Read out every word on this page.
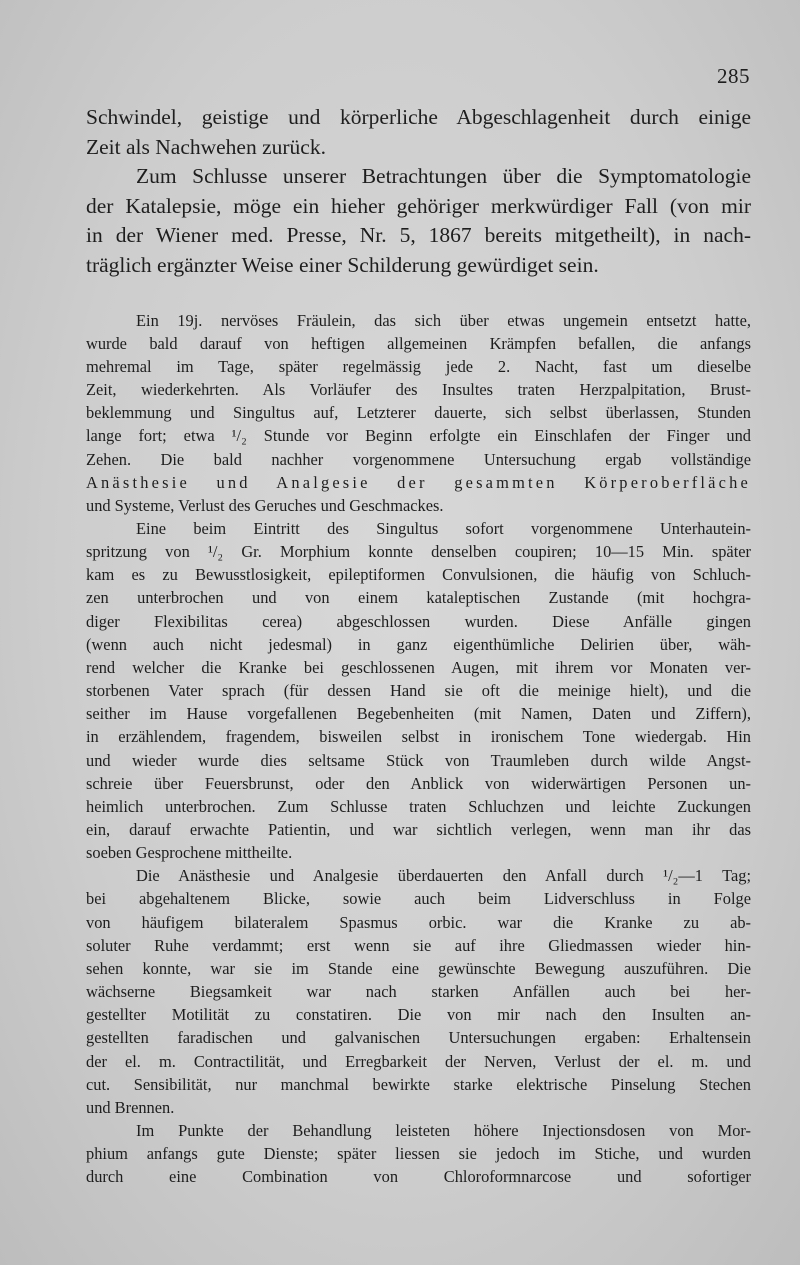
285

Schwindel, geistige und körperliche Abgeschlagenheit durch einige
Zeit als Nachwehen zurück.

Zum Schlusse unserer Betrachtungen über die Symptomatologie

der Katalepsie, möge ein hieher gehöriger merkwürdiger Fall (von mir
in der Wiener med. Presse, Nr. 5, 1867 bereits mitgetheilt), in nach-
träglich ergänzter Weise einer Schilderung gewürdiget sein.

Ein 19j. nervöses Fräulein, das sich über etwas ungemein entsetzt hatte,
wurde bald darauf von heftigen allgemeinen Krämpfen befallen, die anfangs
mehremal im Tage, später regelmässig jede 2. Nacht, fast um dieselbe
Zeit, wiederkehrten. Als Vorläufer des Insultes traten Herzpalpitation, Brust-
beklemmung und Singultus auf, Letzterer dauerte, sich selbst überlassen, Stunden
lange fort; etwa ¹/₂ Stunde vor Beginn erfolgte ein Einschlafen der Finger und
Zehen. Die bald nachher vorgenommene Untersuchung ergab vollständige
Anästhesie und Analgesie der gesammten Körperoberfläche
und Systeme, Verlust des Geruches und Geschmackes.

Eine beim Eintritt des Singultus sofort vorgenommene Unterhautein-
spritzung von ¹/₂ Gr. Morphium konnte denselben coupiren; 10—15 Min. später
kam es zu Bewusstlosigkeit, epileptiformen Convulsionen, die häufig von Schluch-
zen unterbrochen und von einem kataleptischen Zustande (mit hochgra-
diger Flexibilitas cerea) abgeschlossen wurden. Diese Anfälle gingen
(wenn auch nicht jedesmal) in ganz eigenthümliche Delirien über, wäh-
rend welcher die Kranke bei geschlossenen Augen, mit ihrem vor Monaten ver-
storbenen Vater sprach (für dessen Hand sie oft die meinige hielt), und die
seither im Hause vorgefallenen Begebenheiten (mit Namen, Daten und Ziffern),
in erzählendem, fragendem, bisweilen selbst in ironischem Tone wiedergab. Hin
und wieder wurde dies seltsame Stück von Traumleben durch wilde Angst-
schreie über Feuersbrunst, oder den Anblick von widerwärtigen Personen un-
heimlich unterbrochen. Zum Schlusse traten Schluchzen und leichte Zuckungen
ein, darauf erwachte Patientin, und war sichtlich verlegen, wenn man ihr das
soeben Gesprochene mittheilte.

Die Anästhesie und Analgesie überdauerten den Anfall durch ¹/₂—1 Tag;
bei abgehaltenem Blicke, sowie auch beim Lidverschluss in Folge
von häufigem bilateralem Spasmus orbic. war die Kranke zu ab-
soluter Ruhe verdammt; erst wenn sie auf ihre Gliedmassen wieder hin-
sehen konnte, war sie im Stande eine gewünschte Bewegung auszuführen. Die
wächserne Biegsamkeit war nach starken Anfällen auch bei her-
gestellter Motilität zu constatiren. Die von mir nach den Insulten an-
gestellten faradischen und galvanischen Untersuchungen ergaben: Erhaltensein
der el. m. Contractilität, und Erregbarkeit der Nerven, Verlust der el. m. und
cut. Sensibilität, nur manchmal bewirkte starke elektrische Pinselung Stechen
und Brennen.

Im Punkte der Behandlung leisteten höhere Injectionsdosen von Mor-
phium anfangs gute Dienste; später liessen sie jedoch im Stiche, und wurden
durch eine Combination von Chloroformnarcose und sofortiger
